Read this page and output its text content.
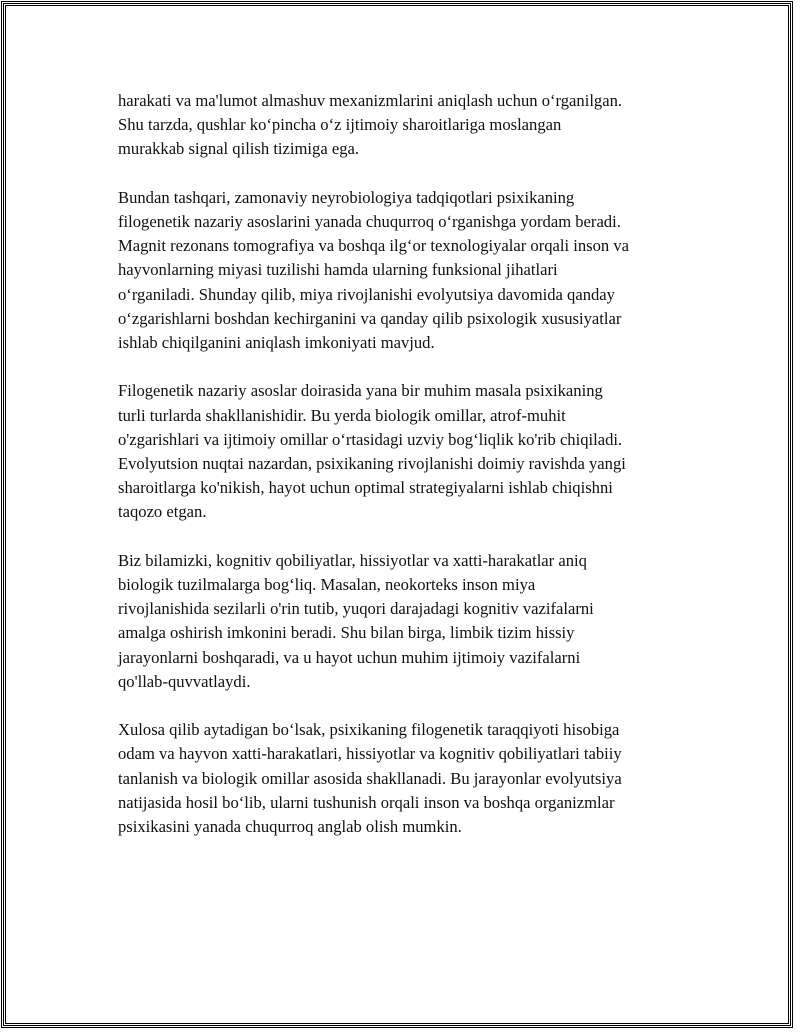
harakati va ma'lumot almashuv mexanizmlarini aniqlash uchun o‘rganilgan.
Shu tarzda, qushlar ko‘pincha o‘z ijtimoiy sharoitlariga moslangan
murakkab signal qilish tizimiga ega.

Bundan tashqari, zamonaviy neyrobiologiya tadqiqotlari psixikaning
filogenetik nazariy asoslarini yanada chuqurroq o‘rganishga yordam beradi.
Magnit rezonans tomografiya va boshqa ilg‘or texnologiyalar orqali inson va
hayvonlarning miyasi tuzilishi hamda ularning funksional jihatlari
o‘rganiladi. Shunday qilib, miya rivojlanishi evolyutsiya davomida qanday
o‘zgarishlarni boshdan kechirganini va qanday qilib psixologik xususiyatlar
ishlab chiqilganini aniqlash imkoniyati mavjud.

Filogenetik nazariy asoslar doirasida yana bir muhim masala psixikaning
turli turlarda shakllanishidir. Bu yerda biologik omillar, atrof-muhit
o'zgarishlari va ijtimoiy omillar o‘rtasidagi uzviy bog‘liqlik ko'rib chiqiladi.
Evolyutsion nuqtai nazardan, psixikaning rivojlanishi doimiy ravishda yangi
sharoitlarga ko'nikish, hayot uchun optimal strategiyalarni ishlab chiqishni
taqozo etgan.

Biz bilamizki, kognitiv qobiliyatlar, hissiyotlar va xatti-harakatlar aniq
biologik tuzilmalarga bog‘liq. Masalan, neokorteks inson miya
rivojlanishida sezilarli o'rin tutib, yuqori darajadagi kognitiv vazifalarni
amalga oshirish imkonini beradi. Shu bilan birga, limbik tizim hissiy
jarayonlarni boshqaradi, va u hayot uchun muhim ijtimoiy vazifalarni
qo'llab-quvvatlaydi.

Xulosa qilib aytadigan bo‘lsak, psixikaning filogenetik taraqqiyoti hisobiga
odam va hayvon xatti-harakatlari, hissiyotlar va kognitiv qobiliyatlari tabiiy
tanlanish va biologik omillar asosida shakllanadi. Bu jarayonlar evolyutsiya
natijasida hosil bo‘lib, ularni tushunish orqali inson va boshqa organizmlar
psixikasini yanada chuqurroq anglab olish mumkin.
